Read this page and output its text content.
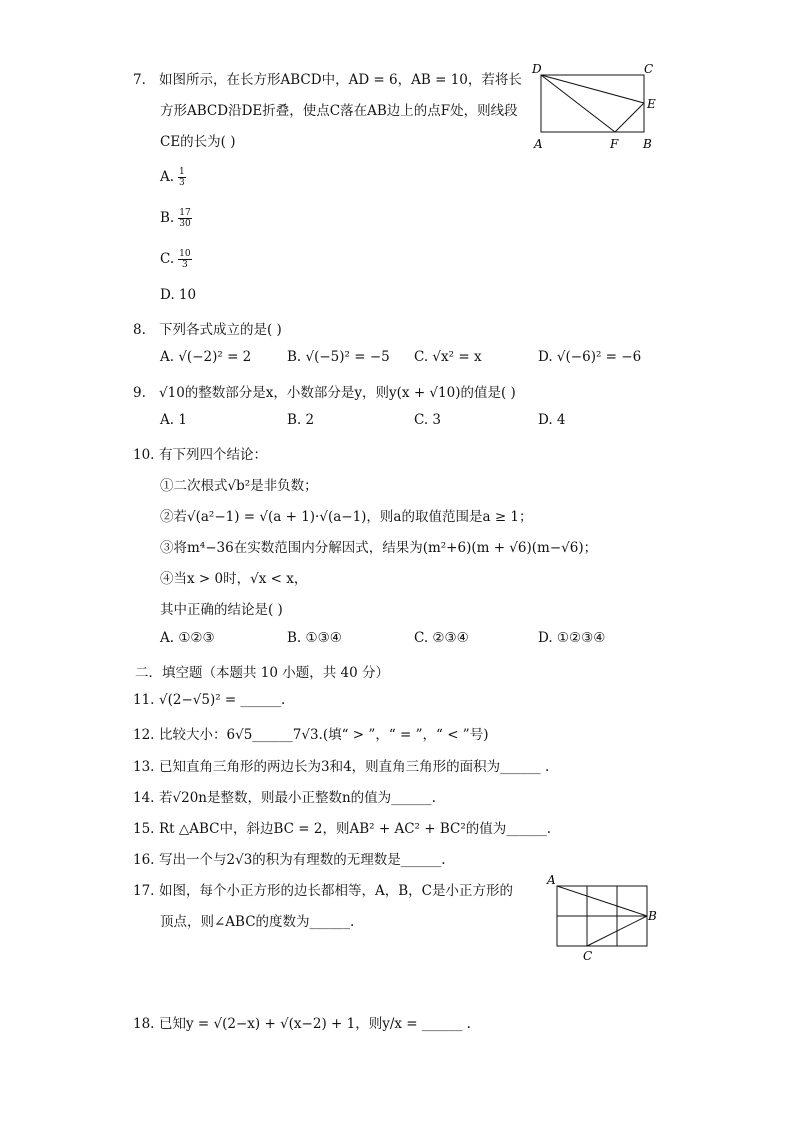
7. 如图所示，在长方形ABCD中，AD = 6，AB = 10，若将长
方形ABCD沿DE折叠，使点C落在AB边上的点F处，则线段
CE的长为( )
D	C
E
A	F B
A. $\frac{1}{3}$
B. $\frac{17}{30}$
C. $\frac{10}{3}$
D. 10
8. 下列各式成立的是( )
A. √(−2)² = 2	B. √(−5)² = −5 C. √x² = x	D. √(−6)² = −6
9. √10的整数部分是x，小数部分是y，则y(x + √10)的值是( )
A. 1	B. 2	C. 3	D. 4
10. 有下列四个结论：
①二次根式√b²是非负数；
②若√(a²−1) = √(a + 1)·√(a−1)，则a的取值范围是a ≥ 1；
③将m⁴−36在实数范围内分解因式，结果为(m²+6)(m + √6)(m−√6)；
④当x > 0时，√x < x，
其中正确的结论是( )
A. ①②③	B. ①③④	C. ②③④	D. ①②③④
二．填空题（本题共 10 小题，共 40 分）
11. √(2−√5)² = ______.
12. 比较大小：6√5______7√3.(填“ > ”，“ = ”，“ < ”号)
13. 已知直角三角形的两边长为3和4，则直角三角形的面积为______ .
14. 若√20n是整数，则最小正整数n的值为______.
15. Rt △ABC中，斜边BC = 2，则AB² + AC² + BC²的值为______.
16. 写出一个与2√3的积为有理数的无理数是______.
17. 如图，每个小正方形的边长都相等，A，B，C是小正方形的
顶点，则∠ABC的度数为______.
A
B
C
18. 已知y = √(2−x) + √(x−2) + 1，则y/x = ______ .
